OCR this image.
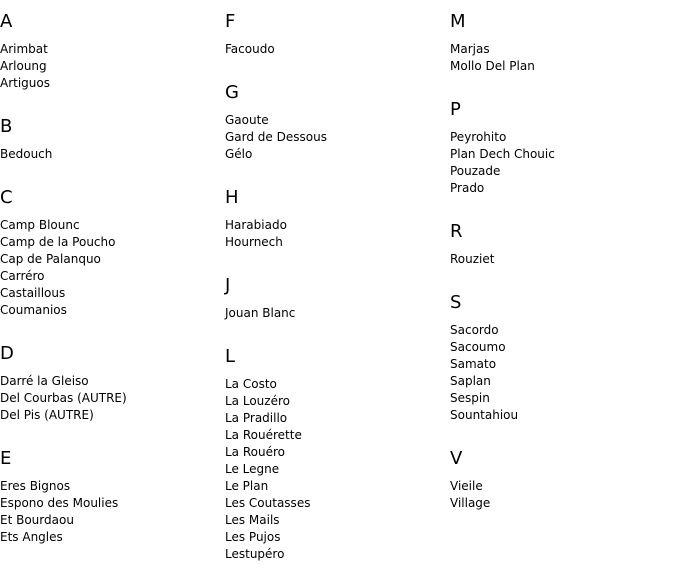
A
Arimbat
Arloung
Artiguos
B
Bedouch
C
Camp Blounc
Camp de la Poucho
Cap de Palanquo
Carréro
Castaillous
Coumanios
D
Darré la Gleiso
Del Courbas (AUTRE)
Del Pis (AUTRE)
E
Eres Bignos
Espono des Moulies
Et Bourdaou
Ets Angles
F
Facoudo
G
Gaoute
Gard de Dessous
Gélo
H
Harabiado
Hournech
J
Jouan Blanc
L
La Costo
La Louzéro
La Pradillo
La Rouérette
La Rouéro
Le Legne
Le Plan
Les Coutasses
Les Mails
Les Pujos
Lestupéro
M
Marjas
Mollo Del Plan
P
Peyrohito
Plan Dech Chouic
Pouzade
Prado
R
Rouziet
S
Sacordo
Sacoumo
Samato
Saplan
Sespin
Sountahiou
V
Vieile
Village
